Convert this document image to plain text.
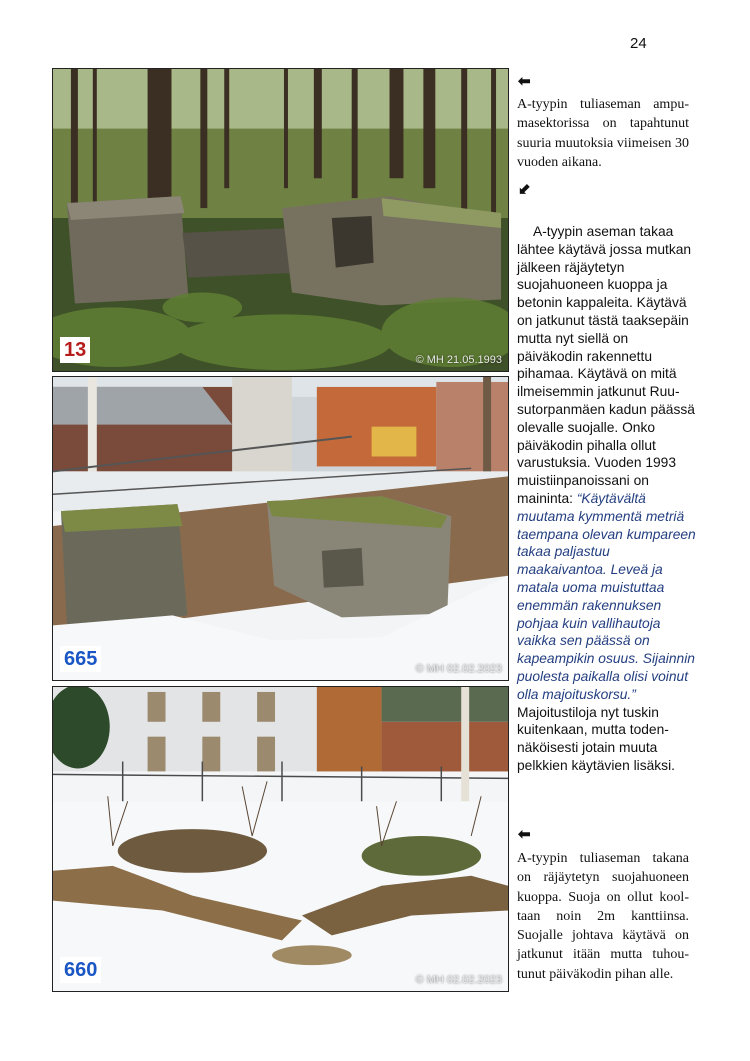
24
13	© MH 21.05.1993
665	© MH 02.02.2023
660	© MH 02.02.2023
⬅
A-tyypin tuliaseman ampumasektorissa on tapahtunut suuria muutoksia viimeisen 30 vuoden aikana.
⬋
A-tyypin aseman takaa lähtee käytävä jossa mutkan jälkeen räjäytetyn suojahuoneen kuoppa ja betonin kappaleita. Käytävä on jatkunut tästä taaksepäin mutta nyt siellä on päiväkodin rakennettu pihamaa. Käytävä on mitä ilmeisemmin jatkunut Ruusutorpanmäen kadun päässä olevalle suojalle. Onko päiväkodin pihalla ollut varustuksia. Vuoden 1993 muistiinpanoissani on maininta: “Käytävältä muutama kymmentä metriä taempana olevan kumpareen takaa paljastuu maakaivantoa. Leveä ja matala uoma muistuttaa enemmän rakennuksen pohjaa kuin vallihautoja vaikka sen päässä on kapeampikin osuus. Sijainnin puolesta paikalla olisi voinut olla majoituskorsu.” Majoitustiloja nyt tuskin kuitenkaan, mutta todennäköisesti jotain muuta pelkkien käytävien lisäksi.
⬅
A-tyypin tuliaseman takana on räjäytetyn suojahuoneen kuoppa. Suoja on ollut kooltaan noin 2m kanttiinsa. Suojalle johtava käytävä on jatkunut itään mutta tuhoutunut päiväkodin pihan alle.
